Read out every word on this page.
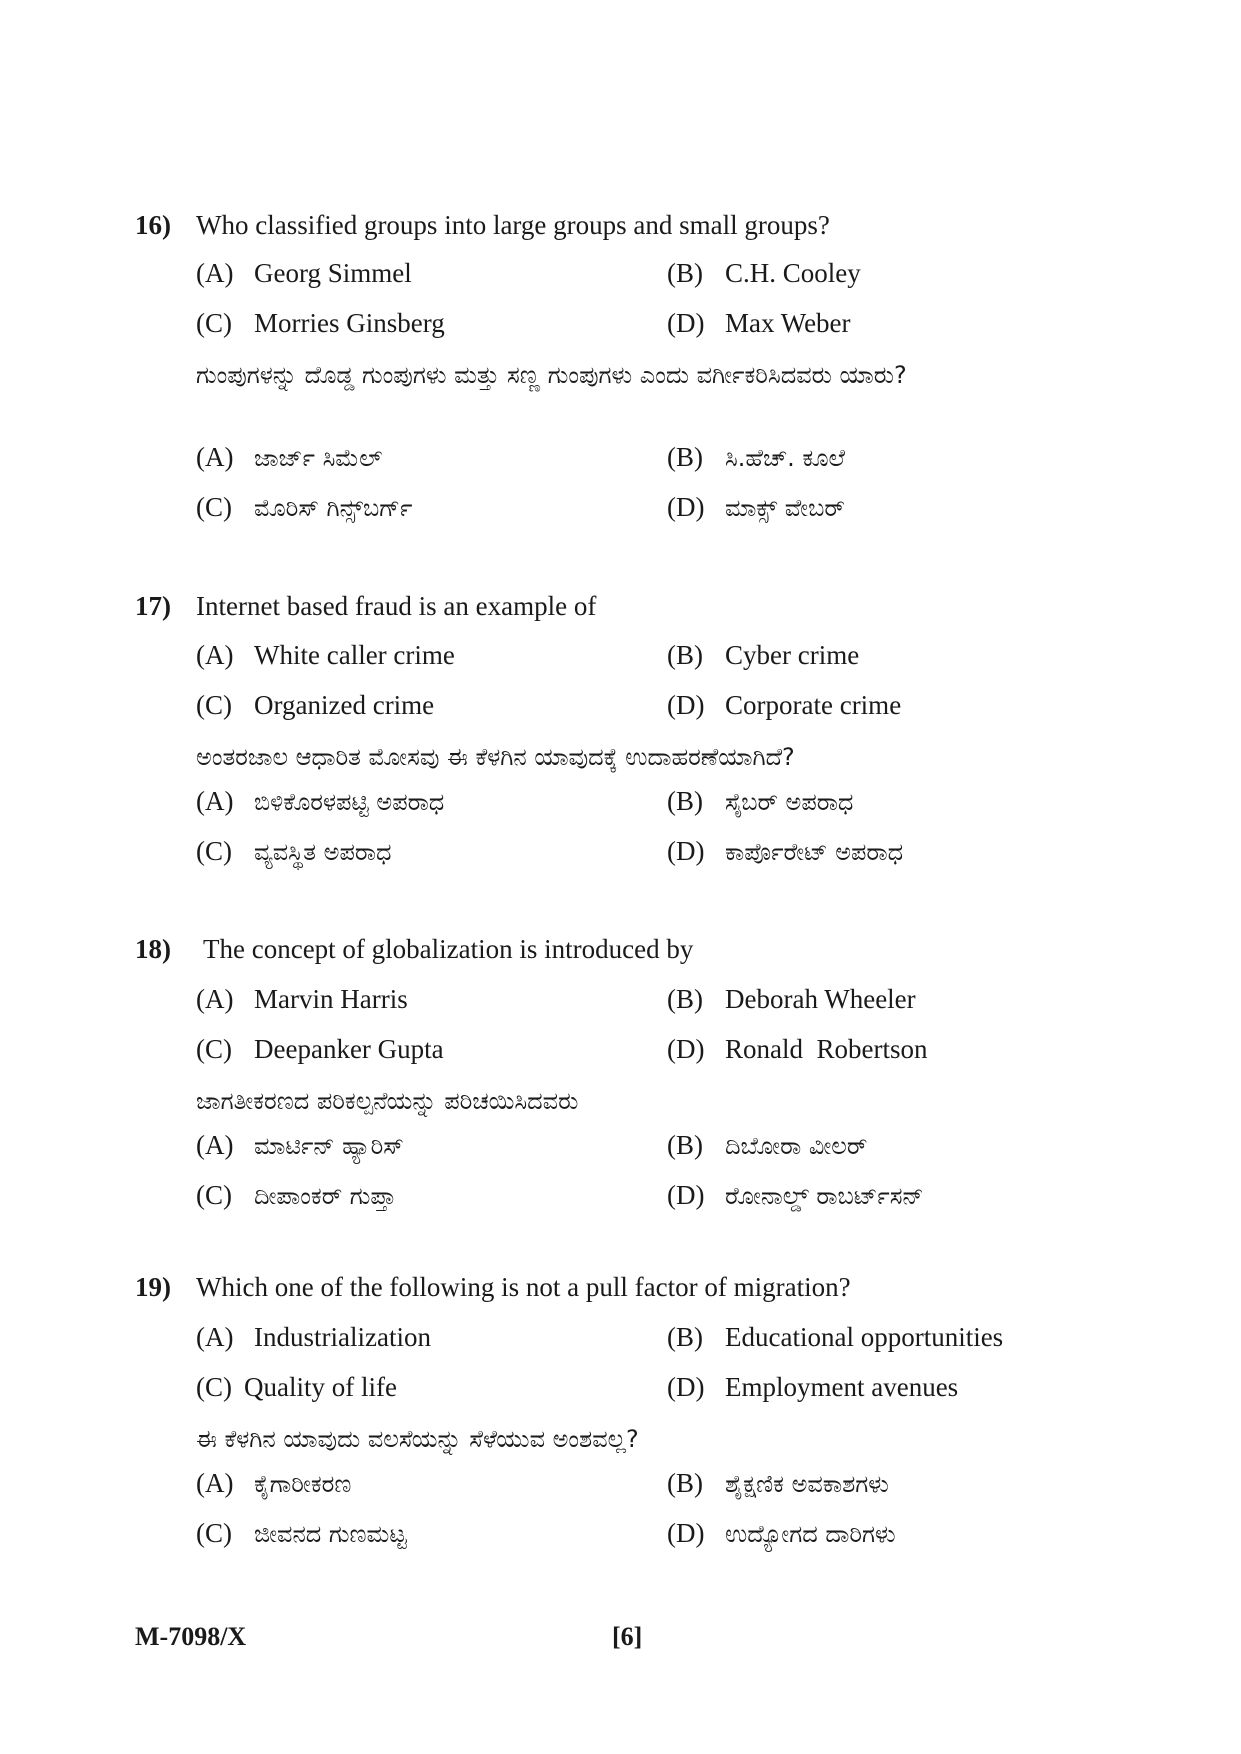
16) Who classified groups into large groups and small groups?
(A) Georg Simmel	(B) C.H. Cooley
(C) Morries Ginsberg	(D) Max Weber
ಗುಂಪುಗಳನ್ನು ದೊಡ್ಡ ಗುಂಪುಗಳು ಮತ್ತು ಸಣ್ಣ ಗುಂಪುಗಳು ಎಂದು ವರ್ಗೀಕರಿಸಿದವರು ಯಾರು?
(A) ಜಾರ್ಜ್ ಸಿಮೆಲ್	(B) ಸಿ.ಹೆಚ್. ಕೂಲೆ
(C) ಮೊರಿಸ್ ಗಿನ್ಸ್‌ಬರ್ಗ್	(D) ಮಾಕ್ಸ್ ವೇಬರ್
17) Internet based fraud is an example of
(A) White caller crime	(B) Cyber crime
(C) Organized crime	(D) Corporate crime
ಅಂತರಜಾಲ ಆಧಾರಿತ ಮೋಸವು ಈ ಕೆಳಗಿನ ಯಾವುದಕ್ಕೆ ಉದಾಹರಣೆಯಾಗಿದೆ?
(A) ಬಿಳಿಕೊರಳಪಟ್ಟಿ ಅಪರಾಧ	(B) ಸೈಬರ್ ಅಪರಾಧ
(C) ವ್ಯವಸ್ಥಿತ ಅಪರಾಧ	(D) ಕಾರ್ಪೊರೇಟ್ ಅಪರಾಧ
18) The concept of globalization is introduced by
(A) Marvin Harris	(B) Deborah Wheeler
(C) Deepanker Gupta	(D) Ronald  Robertson
ಜಾಗತೀಕರಣದ ಪರಿಕಲ್ಪನೆಯನ್ನು ಪರಿಚಯಿಸಿದವರು
(A) ಮಾರ್ಟಿನ್ ಹ್ಯಾರಿಸ್	(B) ದಿಬೋರಾ ವೀಲರ್
(C) ದೀಪಾಂಕರ್ ಗುಪ್ತಾ	(D) ರೋನಾಲ್ಡ್ ರಾಬರ್ಟ್‌ಸನ್
19) Which one of the following is not a pull factor of migration?
(A) Industrialization	(B) Educational opportunities
(C) Quality of life	(D) Employment avenues
ಈ ಕೆಳಗಿನ ಯಾವುದು ವಲಸೆಯನ್ನು ಸೆಳೆಯುವ ಅಂಶವಲ್ಲ?
(A) ಕೈಗಾರೀಕರಣ	(B) ಶೈಕ್ಷಣಿಕ ಅವಕಾಶಗಳು
(C) ಜೀವನದ ಗುಣಮಟ್ಟ	(D) ಉದ್ಯೋಗದ ದಾರಿಗಳು
M-7098/X	[6]
